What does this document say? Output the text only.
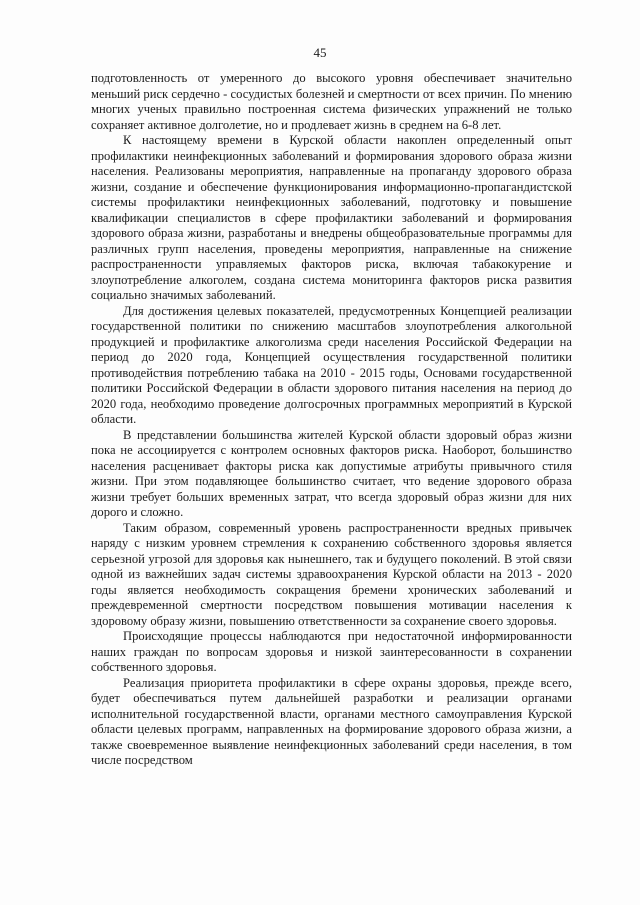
45

подготовленность от умеренного до высокого уровня обеспечивает значительно меньший риск сердечно - сосудистых болезней и смертности от всех причин. По мнению многих ученых правильно построенная система физических упражнений не только сохраняет активное долголетие, но и продлевает жизнь в среднем на 6-8 лет.

К настоящему времени в Курской области накоплен определенный опыт профилактики неинфекционных заболеваний и формирования здорового образа жизни населения. Реализованы мероприятия, направленные на пропаганду здорового образа жизни, создание и обеспечение функционирования информационно-пропагандистской системы профилактики неинфекционных заболеваний, подготовку и повышение квалификации специалистов в сфере профилактики заболеваний и формирования здорового образа жизни, разработаны и внедрены общеобразовательные программы для различных групп населения, проведены мероприятия, направленные на снижение распространенности управляемых факторов риска, включая табакокурение и злоупотребление алкоголем, создана система мониторинга факторов риска развития социально значимых заболеваний.

Для достижения целевых показателей, предусмотренных Концепцией реализации государственной политики по снижению масштабов злоупотребления алкогольной продукцией и профилактике алкоголизма среди населения Российской Федерации на период до 2020 года, Концепцией осуществления государственной политики противодействия потреблению табака на 2010 - 2015 годы, Основами государственной политики Российской Федерации в области здорового питания населения на период до 2020 года, необходимо проведение долгосрочных программных мероприятий в Курской области.

В представлении большинства жителей Курской области здоровый образ жизни пока не ассоциируется с контролем основных факторов риска. Наоборот, большинство населения расценивает факторы риска как допустимые атрибуты привычного стиля жизни. При этом подавляющее большинство считает, что ведение здорового образа жизни требует больших временных затрат, что всегда здоровый образ жизни для них дорого и сложно.

Таким образом, современный уровень распространенности вредных привычек наряду с низким уровнем стремления к сохранению собственного здоровья является серьезной угрозой для здоровья как нынешнего, так и будущего поколений. В этой связи одной из важнейших задач системы здравоохранения Курской области на 2013 - 2020 годы является необходимость сокращения бремени хронических заболеваний и преждевременной смертности посредством повышения мотивации населения к здоровому образу жизни, повышению ответственности за сохранение своего здоровья.

Происходящие процессы наблюдаются при недостаточной информированности наших граждан по вопросам здоровья и низкой заинтересованности в сохранении собственного здоровья.

Реализация приоритета профилактики в сфере охраны здоровья, прежде всего, будет обеспечиваться путем дальнейшей разработки и реализации органами исполнительной государственной власти, органами местного самоуправления Курской области целевых программ, направленных на формирование здорового образа жизни, а также своевременное выявление неинфекционных заболеваний среди населения, в том числе посредством
